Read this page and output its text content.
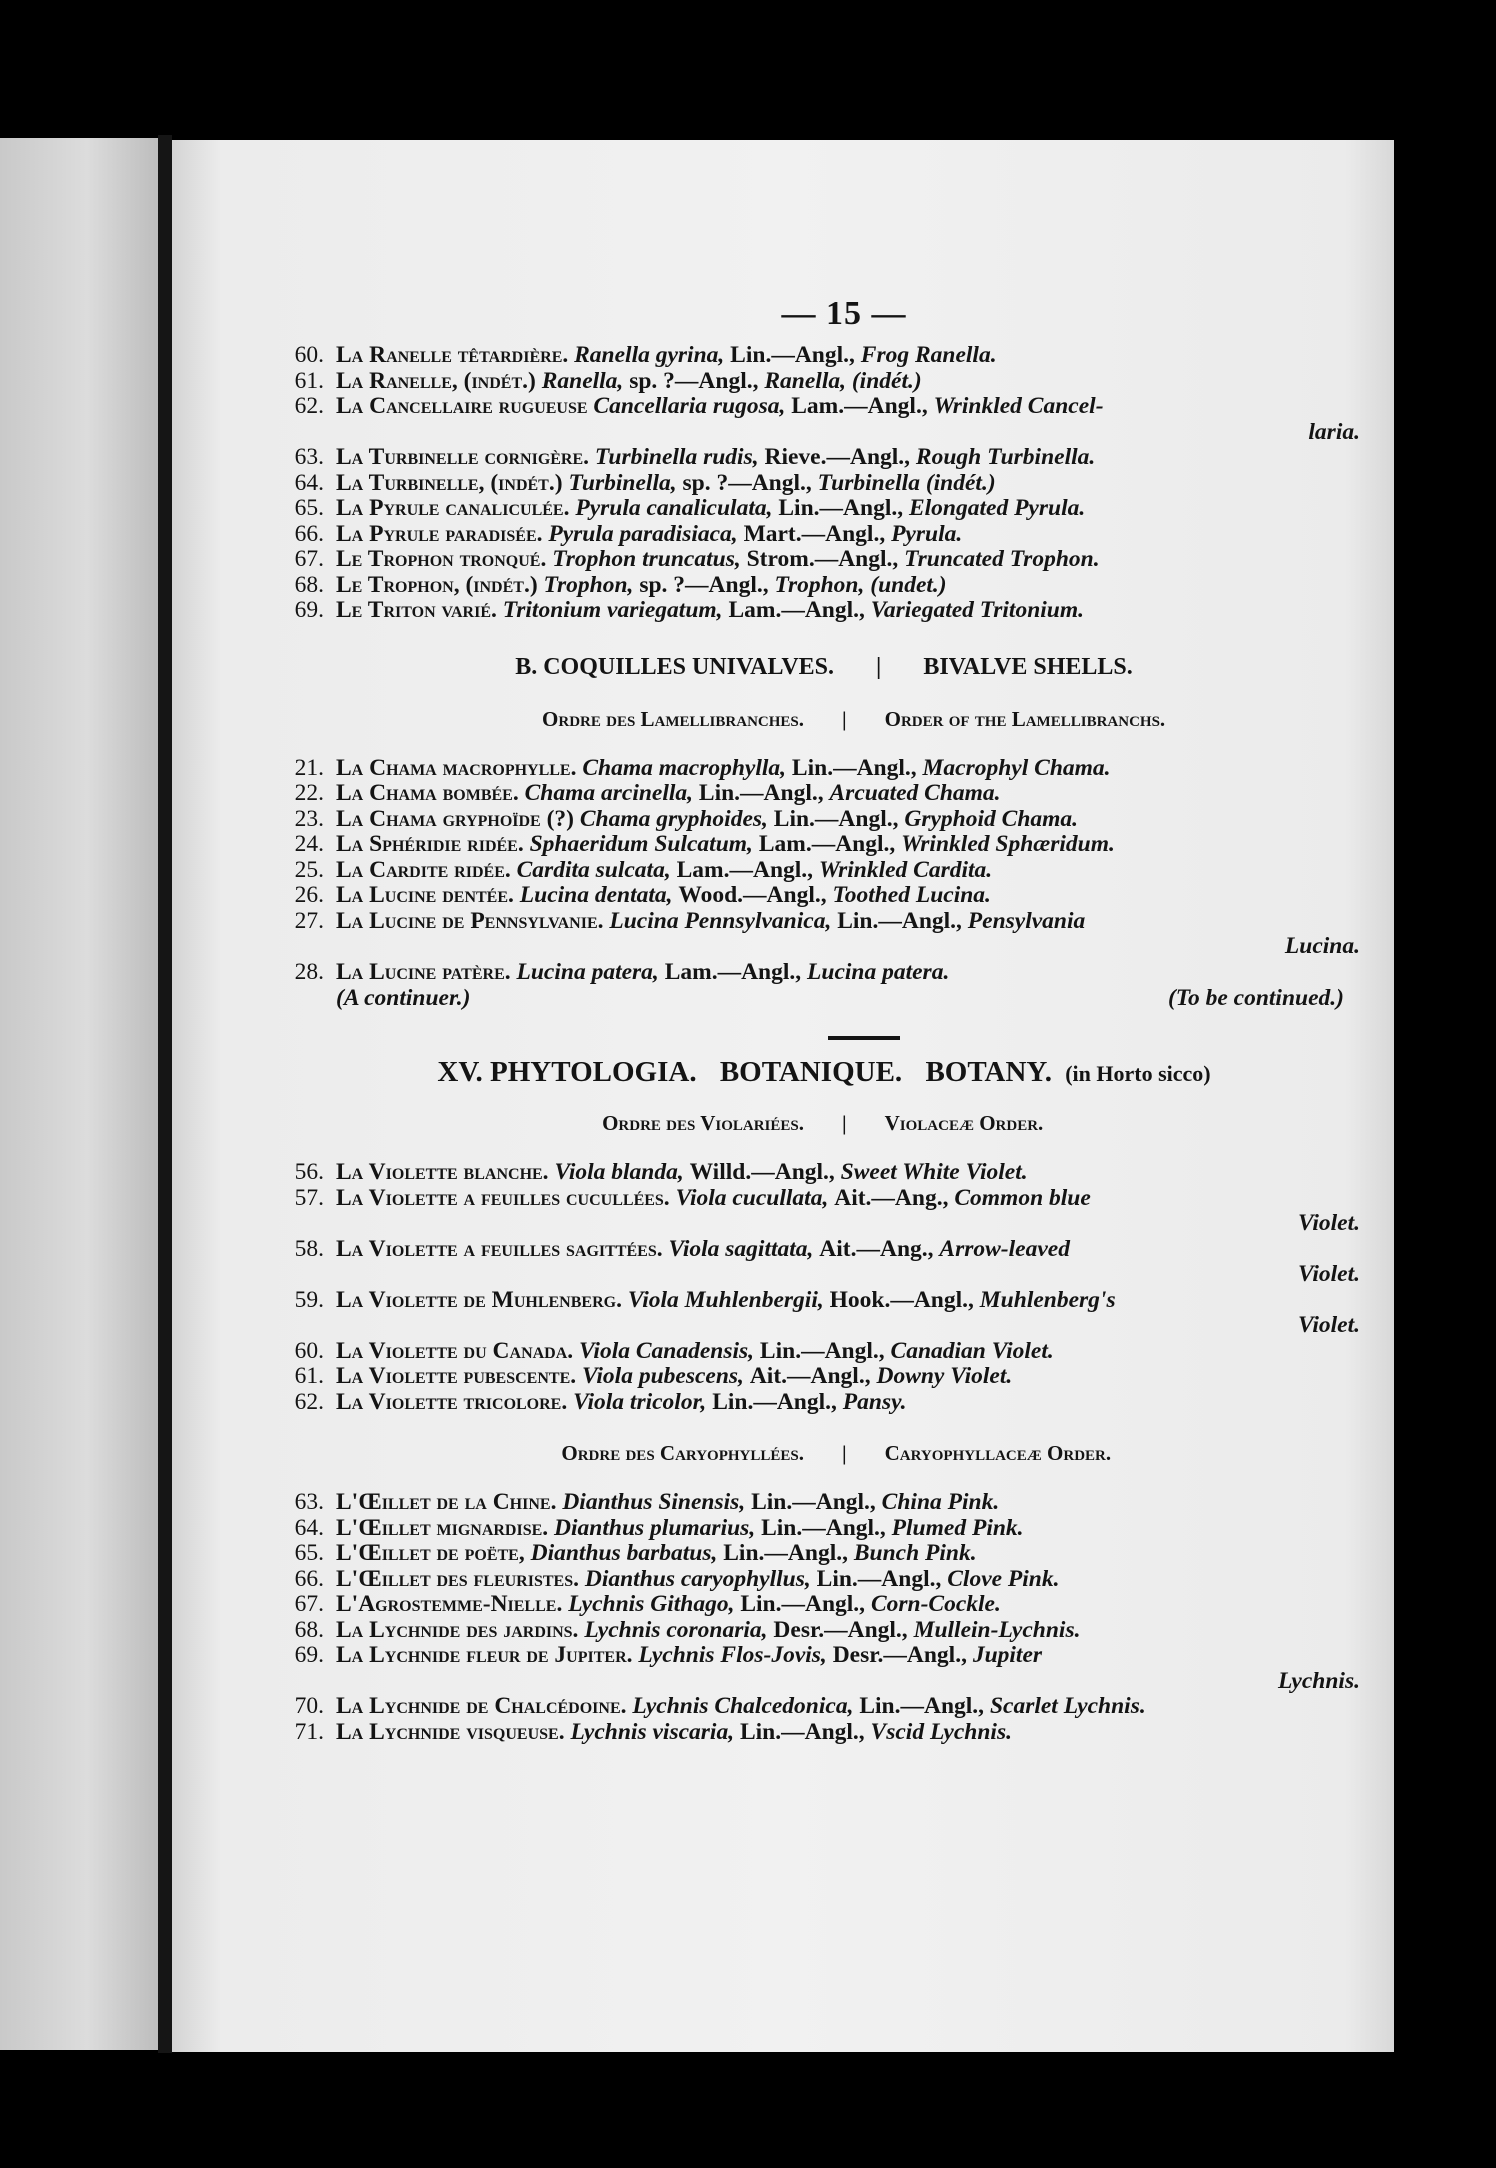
— 15 —
60. La Ranelle têtardière. Ranella gyrina, Lin.—Angl., Frog Ranella.
61. La Ranelle, (indét.) Ranella, sp. ?—Angl., Ranella, (indét.)
62. La Cancellaire rugueuse Cancellaria rugosa, Lam.—Angl., Wrinkled Cancel-
laria.
63. La Turbinelle cornigère. Turbinella rudis, Rieve.—Angl., Rough Turbinella.
64. La Turbinelle, (indét.) Turbinella, sp. ?—Angl., Turbinella (indét.)
65. La Pyrule canaliculée. Pyrula canaliculata, Lin.—Angl., Elongated Pyrula.
66. La Pyrule paradisée. Pyrula paradisiaca, Mart.—Angl., Pyrula.
67. Le Trophon tronqué. Trophon truncatus, Strom.—Angl., Truncated Trophon.
68. Le Trophon, (indét.) Trophon, sp. ?—Angl., Trophon, (undet.)
69. Le Triton varié. Tritonium variegatum, Lam.—Angl., Variegated Tritonium.
B. COQUILLES UNIVALVES. | BIVALVE SHELLS.
Ordre des Lamellibranches. | Order of the Lamellibranchs.
21. La Chama macrophylle. Chama macrophylla, Lin.—Angl., Macrophyl Chama.
22. La Chama bombée. Chama arcinella, Lin.—Angl., Arcuated Chama.
23. La Chama gryphoïde (?) Chama gryphoides, Lin.—Angl., Gryphoid Chama.
24. La Sphéridie ridée. Sphaeridum Sulcatum, Lam.—Angl., Wrinkled Sphæridum.
25. La Cardite ridée. Cardita sulcata, Lam.—Angl., Wrinkled Cardita.
26. La Lucine dentée. Lucina dentata, Wood.—Angl., Toothed Lucina.
27. La Lucine de Pennsylvanie. Lucina Pennsylvanica, Lin.—Angl., Pensylvania
Lucina.
28. La Lucine patère. Lucina patera, Lam.—Angl., Lucina patera.
(A continuer.)	(To be continued.)
XV. PHYTOLOGIA. BOTANIQUE. BOTANY. (in Horto sicco)
Ordre des Violariées. | Violaceæ Order.
56. La Violette blanche. Viola blanda, Willd.—Angl., Sweet White Violet.
57. La Violette a feuilles cucullées. Viola cucullata, Ait.—Ang., Common blue
Violet.
58. La Violette a feuilles sagittées. Viola sagittata, Ait.—Ang., Arrow-leaved
Violet.
59. La Violette de Muhlenberg. Viola Muhlenbergii, Hook.—Angl., Muhlenberg's
Violet.
60. La Violette du Canada. Viola Canadensis, Lin.—Angl., Canadian Violet.
61. La Violette pubescente. Viola pubescens, Ait.—Angl., Downy Violet.
62. La Violette tricolore. Viola tricolor, Lin.—Angl., Pansy.
Ordre des Caryophyllées. | Caryophyllaceæ Order.
63. L'Œillet de la Chine. Dianthus Sinensis, Lin.—Angl., China Pink.
64. L'Œillet mignardise. Dianthus plumarius, Lin.—Angl., Plumed Pink.
65. L'Œillet de poëte, Dianthus barbatus, Lin.—Angl., Bunch Pink.
66. L'Œillet des fleuristes. Dianthus caryophyllus, Lin.—Angl., Clove Pink.
67. L'Agrostemme-Nielle. Lychnis Githago, Lin.—Angl., Corn-Cockle.
68. La Lychnide des jardins. Lychnis coronaria, Desr.—Angl., Mullein-Lychnis.
69. La Lychnide fleur de Jupiter. Lychnis Flos-Jovis, Desr.—Angl., Jupiter
Lychnis.
70. La Lychnide de Chalcédoine. Lychnis Chalcedonica, Lin.—Angl., Scarlet Lychnis.
71. La Lychnide visqueuse. Lychnis viscaria, Lin.—Angl., Vscid Lychnis.
